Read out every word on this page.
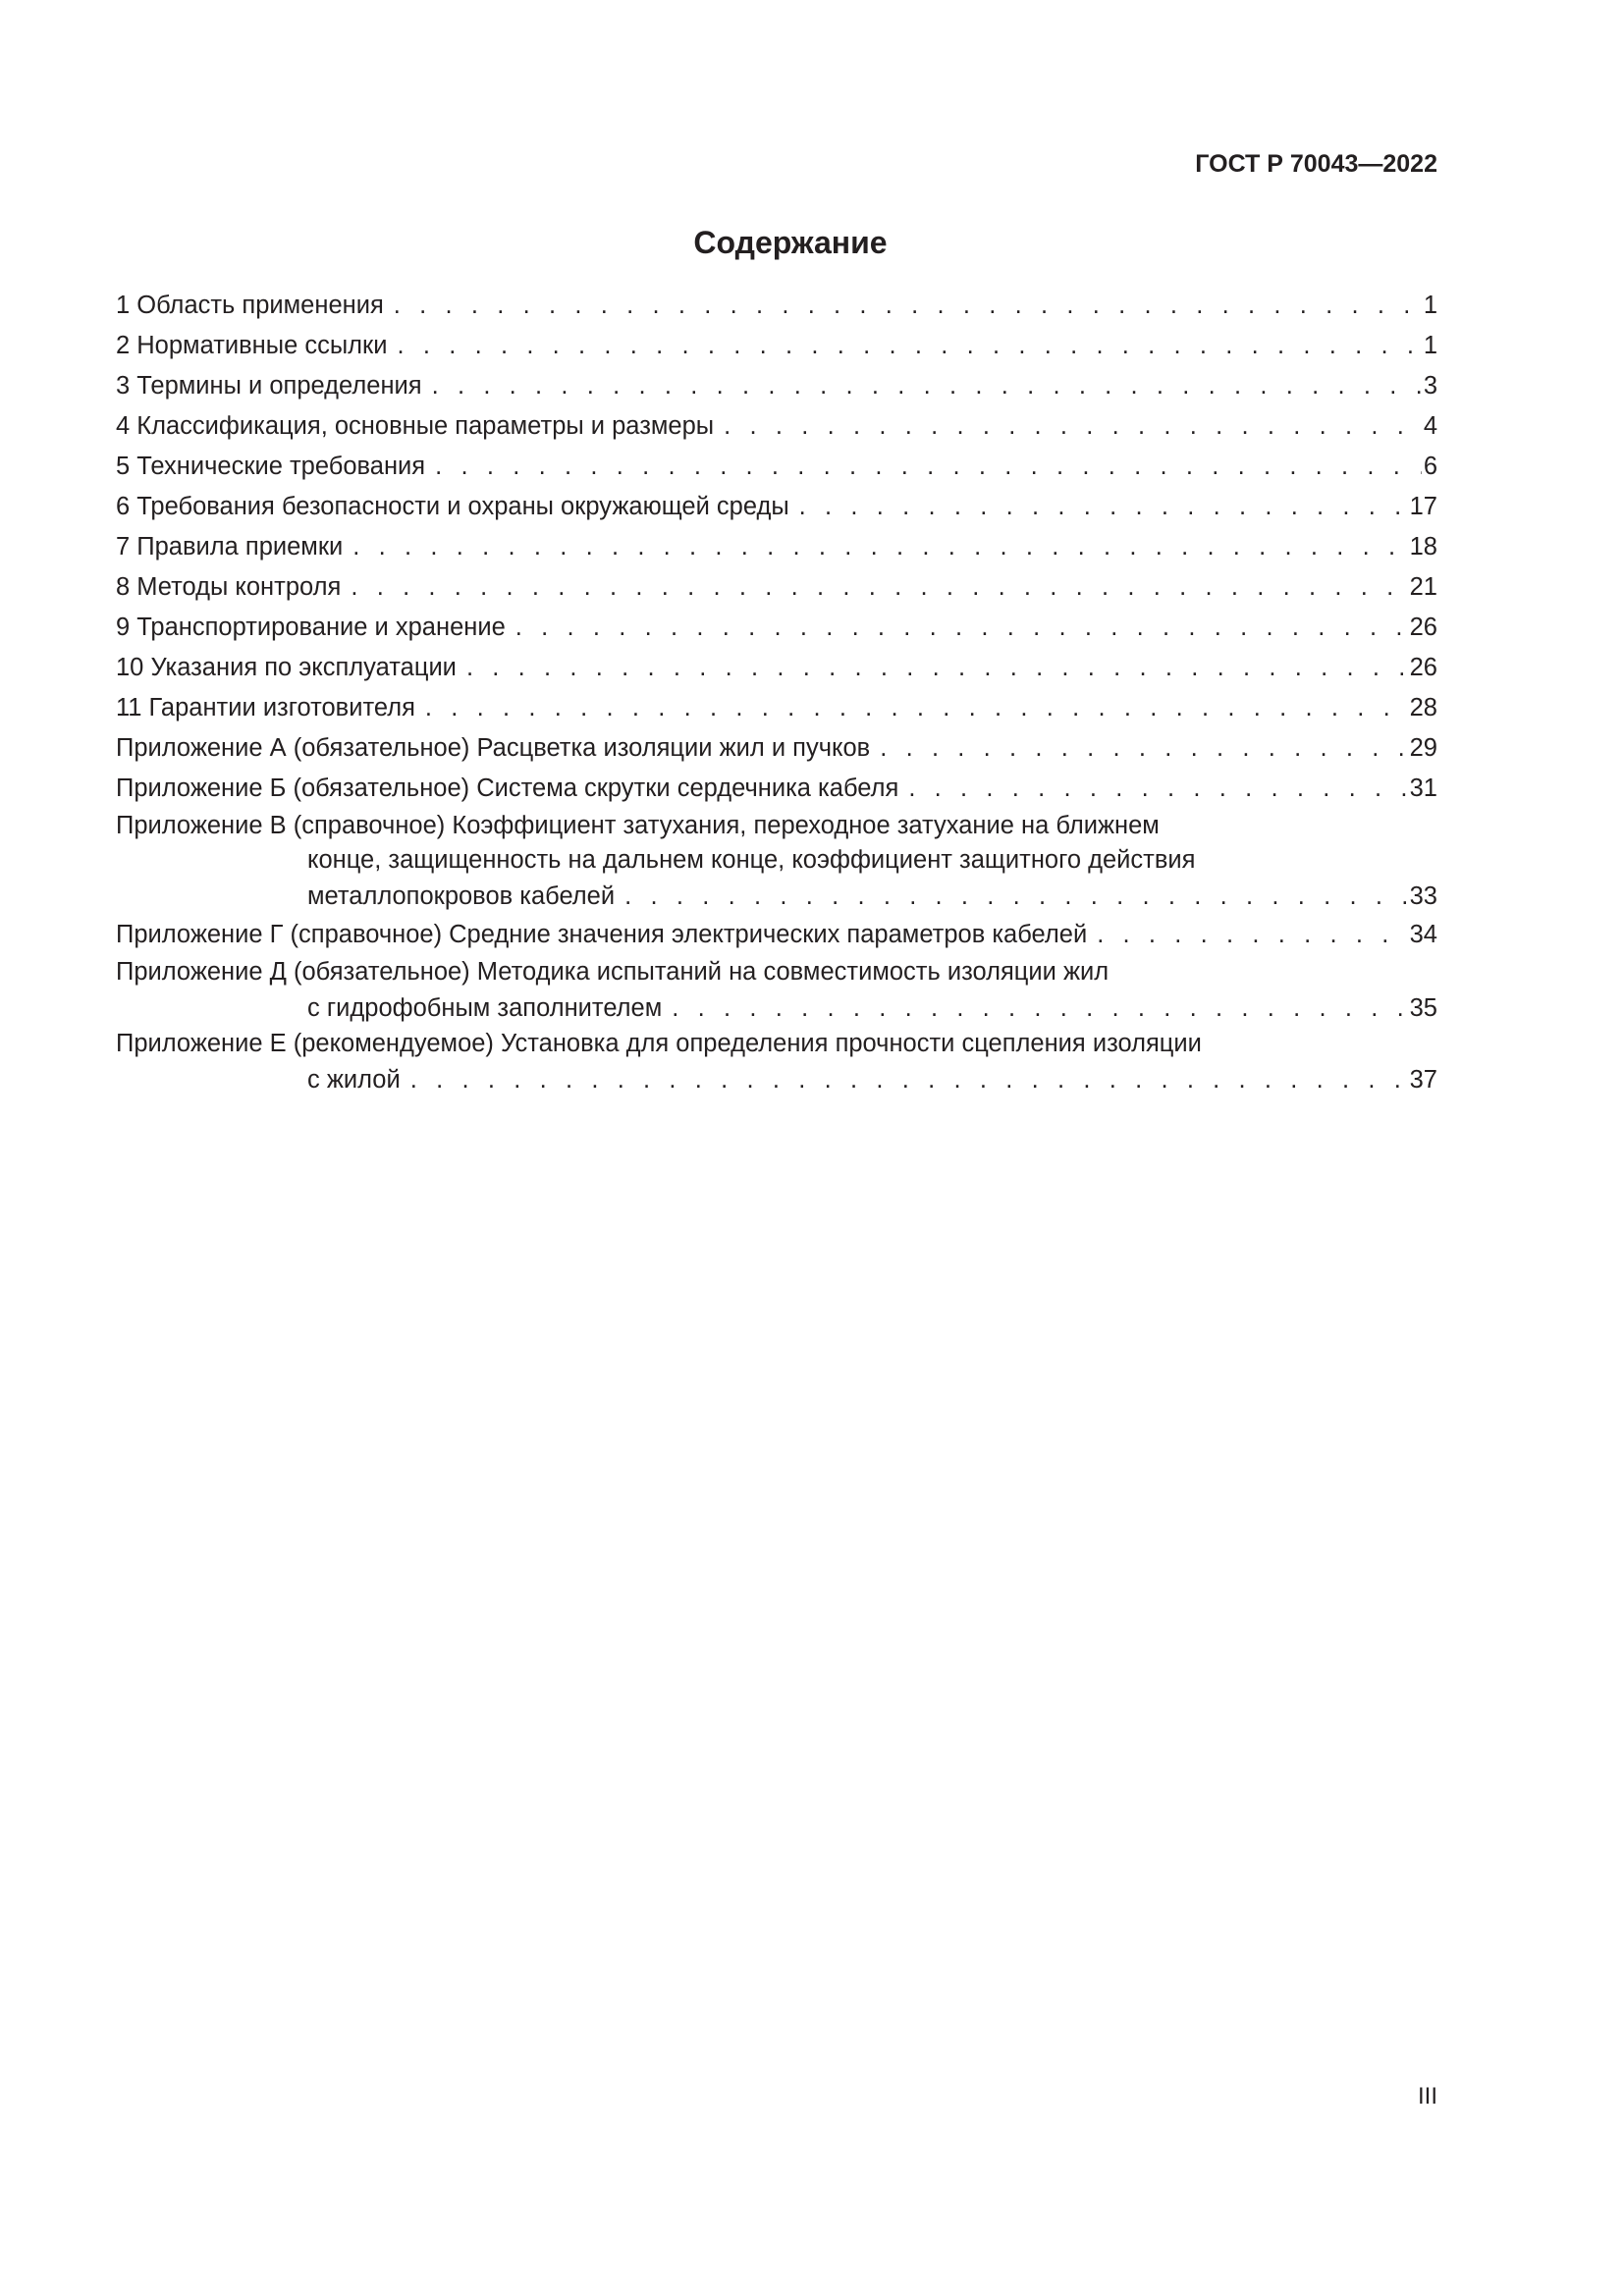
ГОСТ Р 70043—2022
Содержание
1 Область применения . . .	1
2 Нормативные ссылки . . .	1
3 Термины и определения . . .	3
4 Классификация, основные параметры и размеры . . .	4
5 Технические требования . . .	6
6 Требования безопасности и охраны окружающей среды . . .	17
7 Правила приемки . . .	18
8 Методы контроля . . .	21
9 Транспортирование и хранение . . .	26
10 Указания по эксплуатации . . .	26
11 Гарантии изготовителя . . .	28
Приложение А (обязательное) Расцветка изоляции жил и пучков . . .	29
Приложение Б (обязательное) Система скрутки сердечника кабеля . . .	31
Приложение В (справочное) Коэффициент затухания, переходное затухание на ближнем
конце, защищенность на дальнем конце, коэффициент защитного действия
металлопокровов кабелей . . .	33
Приложение Г (справочное) Средние значения электрических параметров кабелей . . .	34
Приложение Д (обязательное) Методика испытаний на совместимость изоляции жил
с гидрофобным заполнителем . . .	35
Приложение Е (рекомендуемое) Установка для определения прочности сцепления изоляции
с жилой . . .	37
III
